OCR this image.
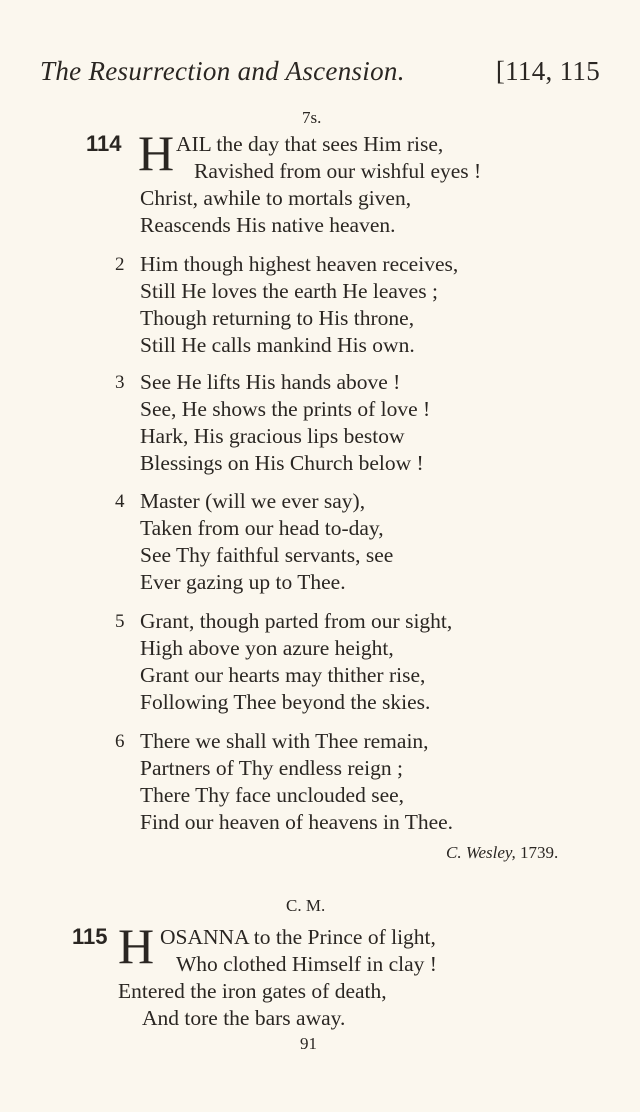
The Resurrection and Ascension.	[114, 115
7s.
114 H AIL the day that sees Him rise,
Ravished from our wishful eyes !
Christ, awhile to mortals given,
Reascends His native heaven.
2 Him though highest heaven receives,
Still He loves the earth He leaves ;
Though returning to His throne,
Still He calls mankind His own.
3 See He lifts His hands above !
See, He shows the prints of love !
Hark, His gracious lips bestow
Blessings on His Church below !
4 Master (will we ever say),
Taken from our head to-day,
See Thy faithful servants, see
Ever gazing up to Thee.
5 Grant, though parted from our sight,
High above yon azure height,
Grant our hearts may thither rise,
Following Thee beyond the skies.
6 There we shall with Thee remain,
Partners of Thy endless reign ;
There Thy face unclouded see,
Find our heaven of heavens in Thee.
C. Wesley, 1739.
C. M.
115 H OSANNA to the Prince of light,
Who clothed Himself in clay !
Entered the iron gates of death,
And tore the bars away.
91
